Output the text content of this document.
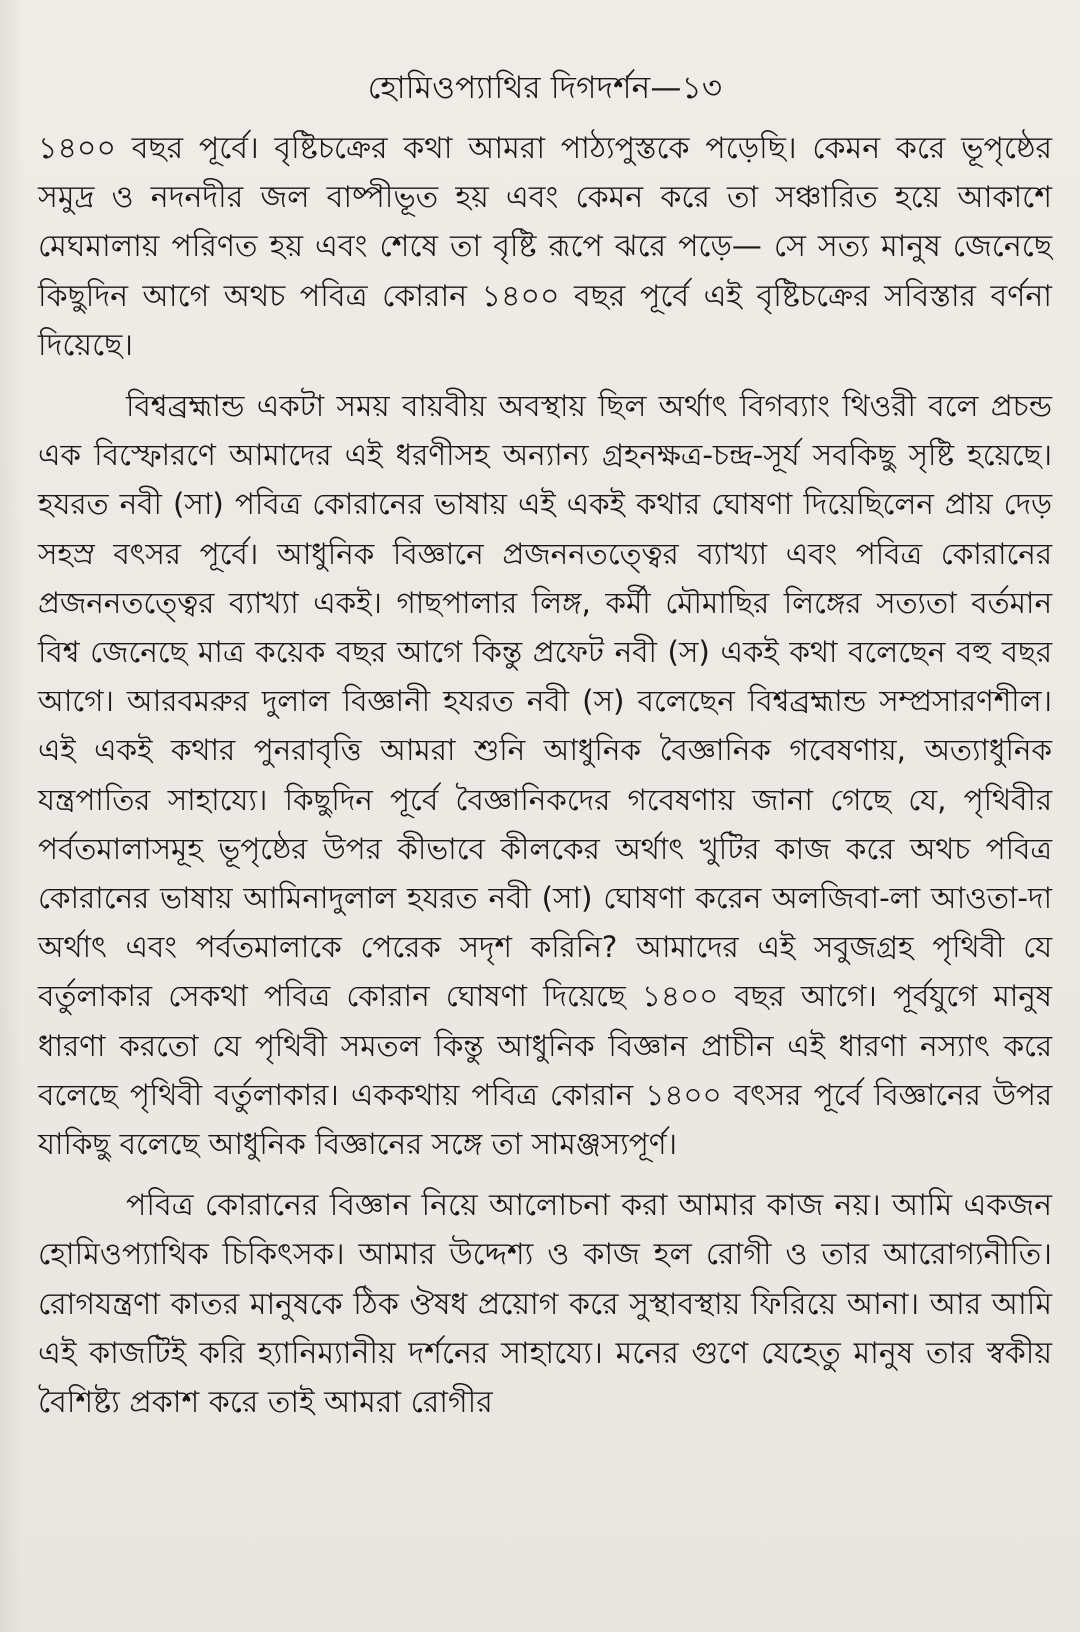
হোমিওপ্যাথির দিগদর্শন—১৩

১৪০০ বছর পূর্বে। বৃষ্টিচক্রের কথা আমরা পাঠ্যপুস্তকে পড়েছি। কেমন করে ভূপৃষ্ঠের সমুদ্র ও নদনদীর জল বাষ্পীভূত হয় এবং কেমন করে তা সঞ্চারিত হয়ে আকাশে মেঘমালায় পরিণত হয় এবং শেষে তা বৃষ্টি রূপে ঝরে পড়ে— সে সত্য মানুষ জেনেছে কিছুদিন আগে অথচ পবিত্র কোরান ১৪০০ বছর পূর্বে এই বৃষ্টিচক্রের সবিস্তার বর্ণনা দিয়েছে।

বিশ্বব্রহ্মান্ড একটা সময় বায়বীয় অবস্থায় ছিল অর্থাৎ বিগব্যাং থিওরী বলে প্রচন্ড এক বিস্ফোরণে আমাদের এই ধরণীসহ অন্যান্য গ্রহনক্ষত্র-চন্দ্র-সূর্য সবকিছু সৃষ্টি হয়েছে। হযরত নবী (সা) পবিত্র কোরানের ভাষায় এই একই কথার ঘোষণা দিয়েছিলেন প্রায় দেড় সহস্র বৎসর পূর্বে। আধুনিক বিজ্ঞানে প্রজননতত্ত্বের ব্যাখ্যা এবং পবিত্র কোরানের প্রজননতত্ত্বের ব্যাখ্যা একই। গাছপালার লিঙ্গ, কর্মী মৌমাছির লিঙ্গের সত্যতা বর্তমান বিশ্ব জেনেছে মাত্র কয়েক বছর আগে কিন্তু প্রফেট নবী (স) একই কথা বলেছেন বহু বছর আগে। আরবমরুর দুলাল বিজ্ঞানী হযরত নবী (স) বলেছেন বিশ্বব্রহ্মান্ড সম্প্রসারণশীল। এই একই কথার পুনরাবৃত্তি আমরা শুনি আধুনিক বৈজ্ঞানিক গবেষণায়, অত্যাধুনিক যন্ত্রপাতির সাহায্যে। কিছুদিন পূর্বে বৈজ্ঞানিকদের গবেষণায় জানা গেছে যে, পৃথিবীর পর্বতমালাসমূহ ভূপৃষ্ঠের উপর কীভাবে কীলকের অর্থাৎ খুটির কাজ করে অথচ পবিত্র কোরানের ভাষায় আমিনাদুলাল হযরত নবী (সা) ঘোষণা করেন অলজিবা-লা আওতা-দা অর্থাৎ এবং পর্বতমালাকে পেরেক সদৃশ করিনি? আমাদের এই সবুজগ্রহ পৃথিবী যে বর্তুলাকার সেকথা পবিত্র কোরান ঘোষণা দিয়েছে ১৪০০ বছর আগে। পূর্বযুগে মানুষ ধারণা করতো যে পৃথিবী সমতল কিন্তু আধুনিক বিজ্ঞান প্রাচীন এই ধারণা নস্যাৎ করে বলেছে পৃথিবী বর্তুলাকার। এককথায় পবিত্র কোরান ১৪০০ বৎসর পূর্বে বিজ্ঞানের উপর যাকিছু বলেছে আধুনিক বিজ্ঞানের সঙ্গে তা সামঞ্জস্যপূর্ণ।

পবিত্র কোরানের বিজ্ঞান নিয়ে আলোচনা করা আমার কাজ নয়। আমি একজন হোমিওপ্যাথিক চিকিৎসক। আমার উদ্দেশ্য ও কাজ হল রোগী ও তার আরোগ্যনীতি। রোগযন্ত্রণা কাতর মানুষকে ঠিক ঔষধ প্রয়োগ করে সুস্থাবস্থায় ফিরিয়ে আনা। আর আমি এই কাজটিই করি হ্যানিম্যানীয় দর্শনের সাহায্যে। মনের গুণে যেহেতু মানুষ তার স্বকীয় বৈশিষ্ট্য প্রকাশ করে তাই আমরা রোগীর
